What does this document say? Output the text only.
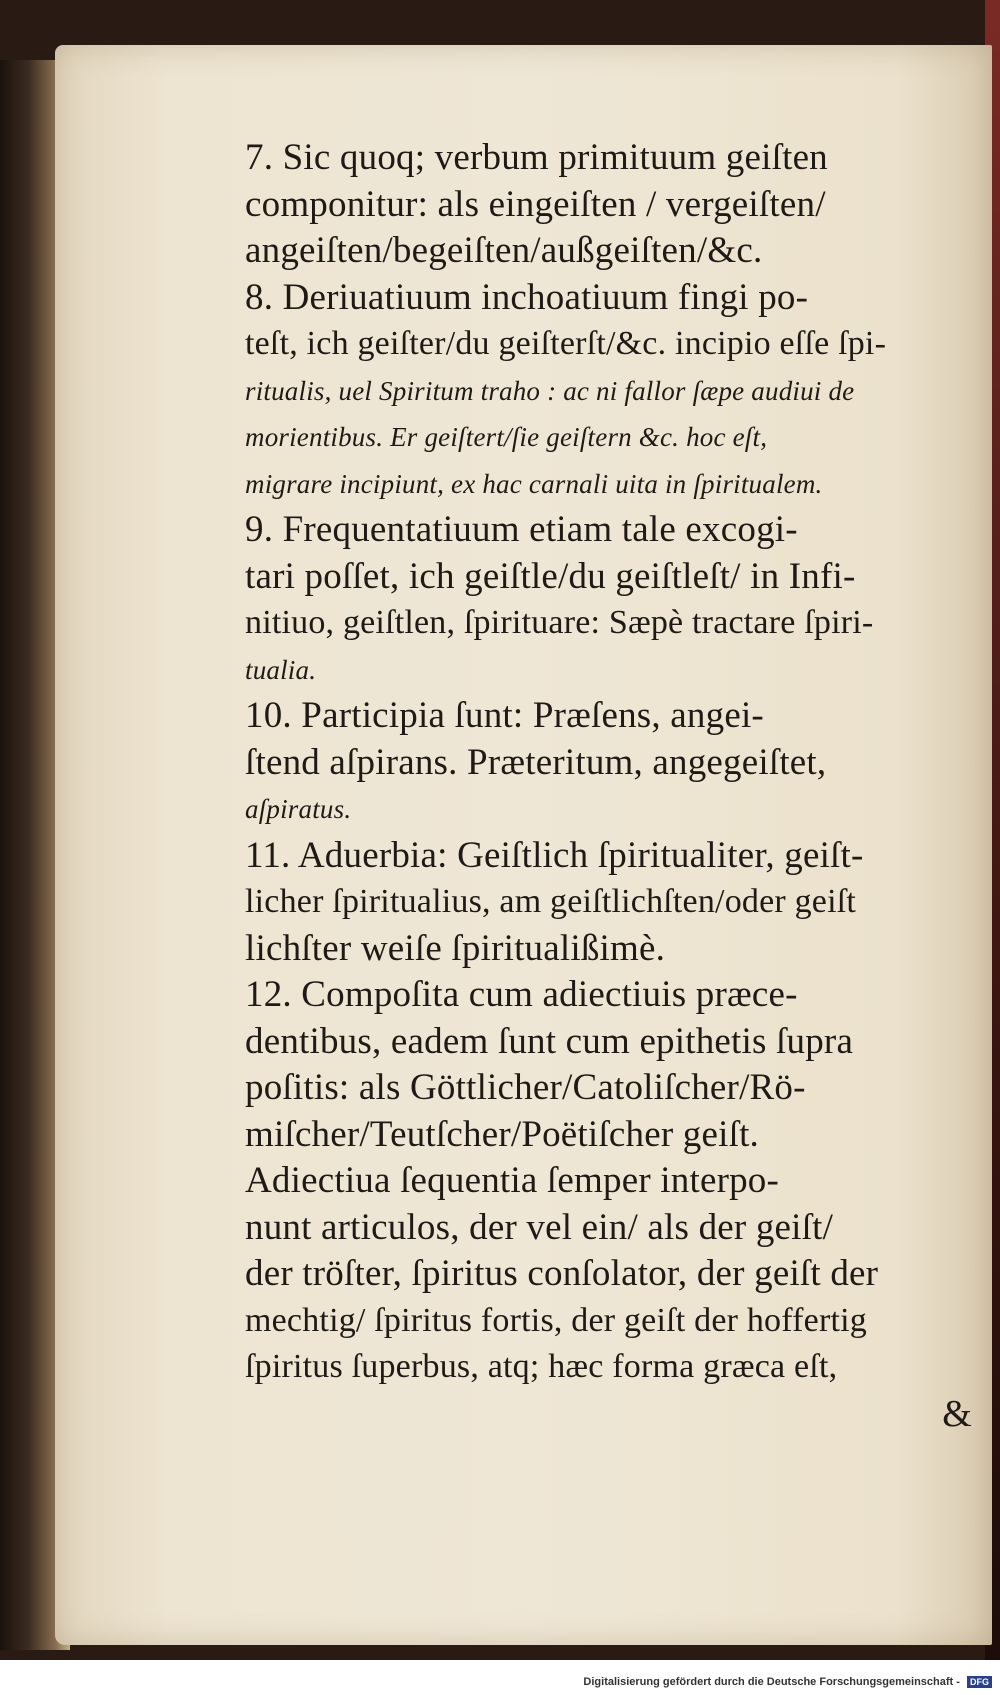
7. Sic quoq; verbum primituum geiſten
componitur: als eingeiſten / vergeiſten/
angeiſten/begeiſten/außgeiſten/&c.
8. Deriuatiuum inchoatiuum fingi po-
teſt, ich geiſter/du geiſterſt/&c. incipio eſſe ſpi-
ritualis, uel Spiritum traho : ac ni fallor ſæpe audiui de
morientibus. Er geiſtert/ſie geiſtern &c. hoc eſt,
migrare incipiunt, ex hac carnali uita in ſpiritualem.
9. Frequentatiuum etiam tale excogi-
tari poſſet, ich geiſtle/du geiſtleſt/ in Infi-
nitiuo, geiſtlen, ſpirituare: Sæpè tractare ſpiri-
tualia.
10. Participia ſunt: Præſens, angei-
ſtend aſpirans. Præteritum, angegeiſtet,
aſpiratus.
11. Aduerbia: Geiſtlich ſpiritualiter, geiſt-
licher ſpiritualius, am geiſtlichſten/oder geiſt
lichſter weiſe ſpiritualißimè.
12. Compoſita cum adiectiuis præce-
dentibus, eadem ſunt cum epithetis ſupra
poſitis: als Göttlicher/Catoliſcher/Rö-
miſcher/Teutſcher/Poëtiſcher geiſt.
Adiectiua ſequentia ſemper interpo-
nunt articulos, der vel ein/ als der geiſt/
der tröſter, ſpiritus conſolator, der geiſt der
mechtig/ ſpiritus fortis, der geiſt der hoffertig
ſpiritus ſuperbus, atq; hæc forma græca eſt,
&
Digitalisierung gefördert durch die Deutsche Forschungsgemeinschaft - DFG
